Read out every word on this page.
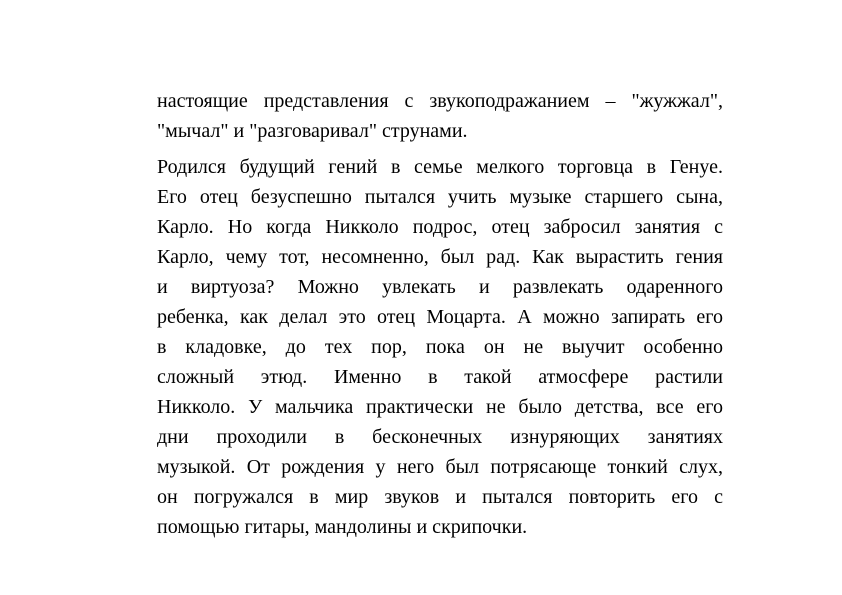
настоящие представления с звукоподражанием – "жужжал",
"мычал" и "разговаривал" струнами.

Родился будущий гений в семье мелкого торговца в Генуе.
Его отец безуспешно пытался учить музыке старшего сына,
Карло. Но когда Никколо подрос, отец забросил занятия с
Карло, чему тот, несомненно, был рад. Как вырастить гения
и виртуоза? Можно увлекать и развлекать одаренного
ребенка, как делал это отец Моцарта. А можно запирать его
в кладовке, до тех пор, пока он не выучит особенно
сложный этюд. Именно в такой атмосфере растили
Никколо. У мальчика практически не было детства, все его
дни проходили в бесконечных изнуряющих занятиях
музыкой. От рождения у него был потрясающе тонкий слух,
он погружался в мир звуков и пытался повторить его с
помощью гитары, мандолины и скрипочки.
